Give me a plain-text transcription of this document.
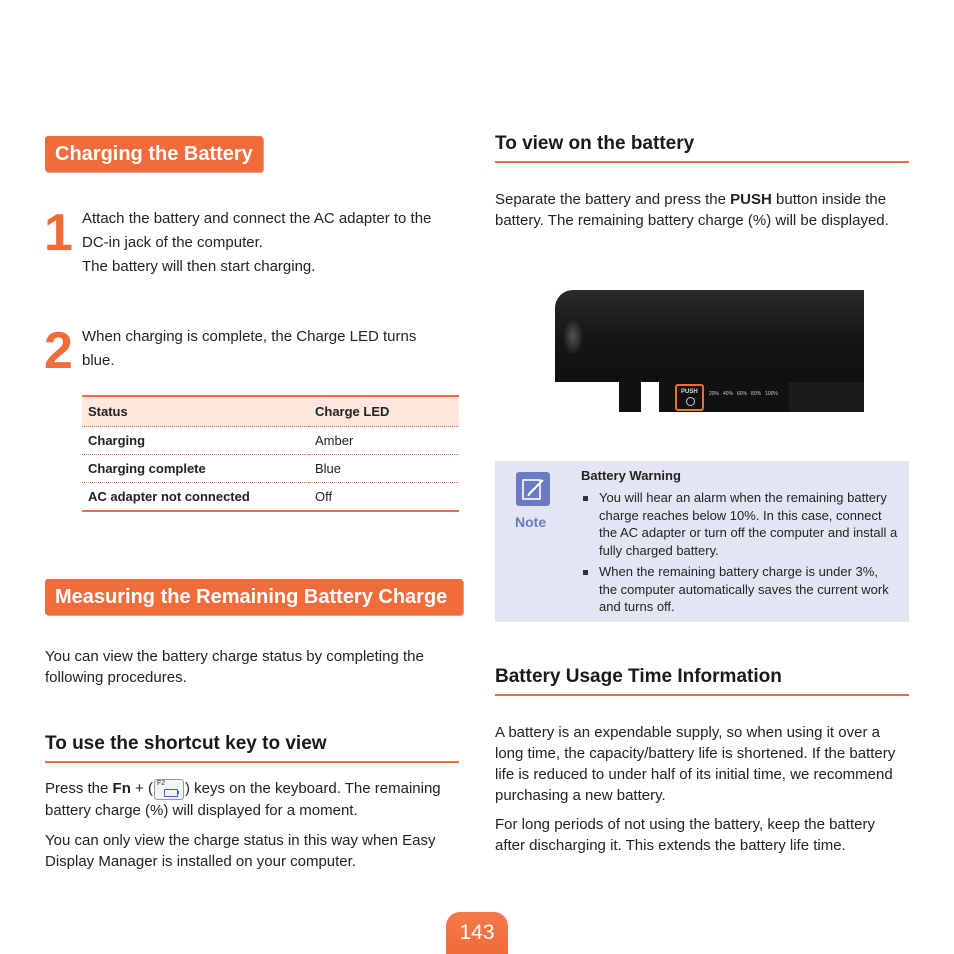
Charging the Battery
1 Attach the battery and connect the AC adapter to the DC-in jack of the computer.
The battery will then start charging.
2 When charging is complete, the Charge LED turns blue.
Status	Charge LED
Charging	Amber
Charging complete	Blue
AC adapter not connected	Off
Measuring the Remaining Battery Charge
You can view the battery charge status by completing the following procedures.
To use the shortcut key to view
Press the Fn + ( F2 ) keys on the keyboard. The remaining battery charge (%) will displayed for a moment.
You can only view the charge status in this way when Easy Display Manager is installed on your computer.
To view on the battery
Separate the battery and press the PUSH button inside the battery. The remaining battery charge (%) will be displayed.
PUSH 20% 40% 60% 80% 100%
Note
Battery Warning
You will hear an alarm when the remaining battery charge reaches below 10%. In this case, connect the AC adapter or turn off the computer and install a fully charged battery.
When the remaining battery charge is under 3%, the computer automatically saves the current work and turns off.
Battery Usage Time Information
A battery is an expendable supply, so when using it over a long time, the capacity/battery life is shortened. If the battery life is reduced to under half of its initial time, we recommend purchasing a new battery.
For long periods of not using the battery, keep the battery after discharging it. This extends the battery life time.
143
